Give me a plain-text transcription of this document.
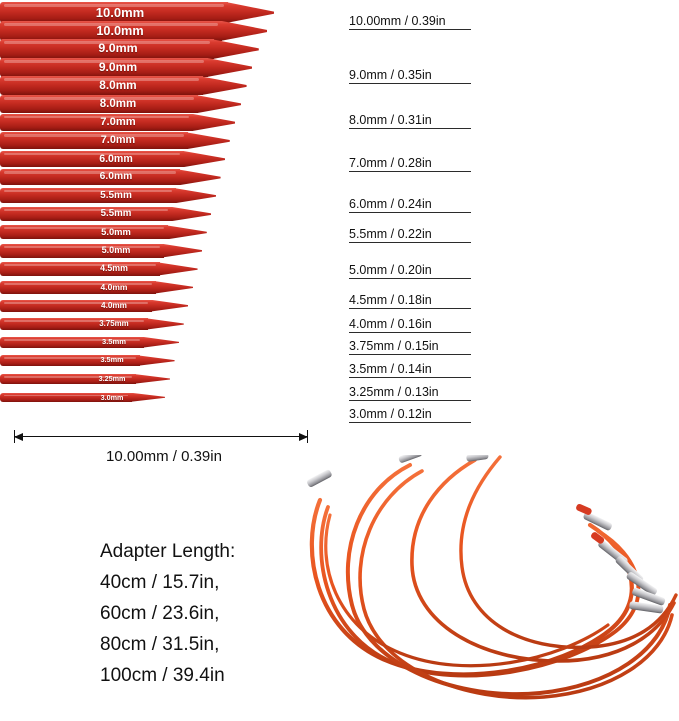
10.0mm
10.0mm
9.0mm
9.0mm
8.0mm
8.0mm
7.0mm
7.0mm
6.0mm
6.0mm
5.5mm
5.5mm
5.0mm
5.0mm
4.5mm
4.0mm
4.0mm
3.75mm
3.5mm
3.5mm
3.25mm
3.0mm
10.00mm / 0.39in
10.00mm / 0.39in
9.0mm / 0.35in
8.0mm / 0.31in
7.0mm / 0.28in
6.0mm / 0.24in
5.5mm / 0.22in
5.0mm / 0.20in
4.5mm / 0.18in
4.0mm / 0.16in
3.75mm / 0.15in
3.5mm / 0.14in
3.25mm / 0.13in
3.0mm / 0.12in
Adapter Length:
40cm / 15.7in,
60cm / 23.6in,
80cm / 31.5in,
100cm / 39.4in
